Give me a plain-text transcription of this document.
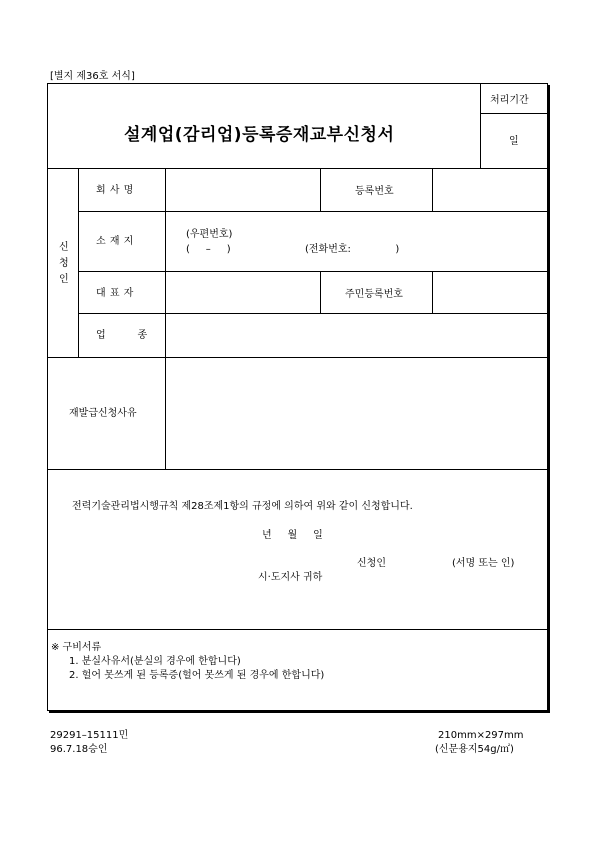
[별지 제36호 서식]
설계업(감리업)등록증재교부신청서
처리기간
일
신
청
인
회 사 명	등록번호
소 재 지
(우편번호)
(     –     )	(전화번호:              )
대 표 자	주민등록번호
업          종
재발급신청사유
전력기술관리법시행규칙 제28조제1항의 규정에 의하여 위와 같이 신청합니다.
년     월     일
신청인	(서명 또는 인)
시·도지사 귀하
※ 구비서류
1. 분실사유서(분실의 경우에 한합니다)
2. 헐어 못쓰게 된 등록증(헐어 못쓰게 된 경우에 한합니다)
29291–15111민
96.7.18승인
210mm×297mm
(신문용지54g/㎡)
